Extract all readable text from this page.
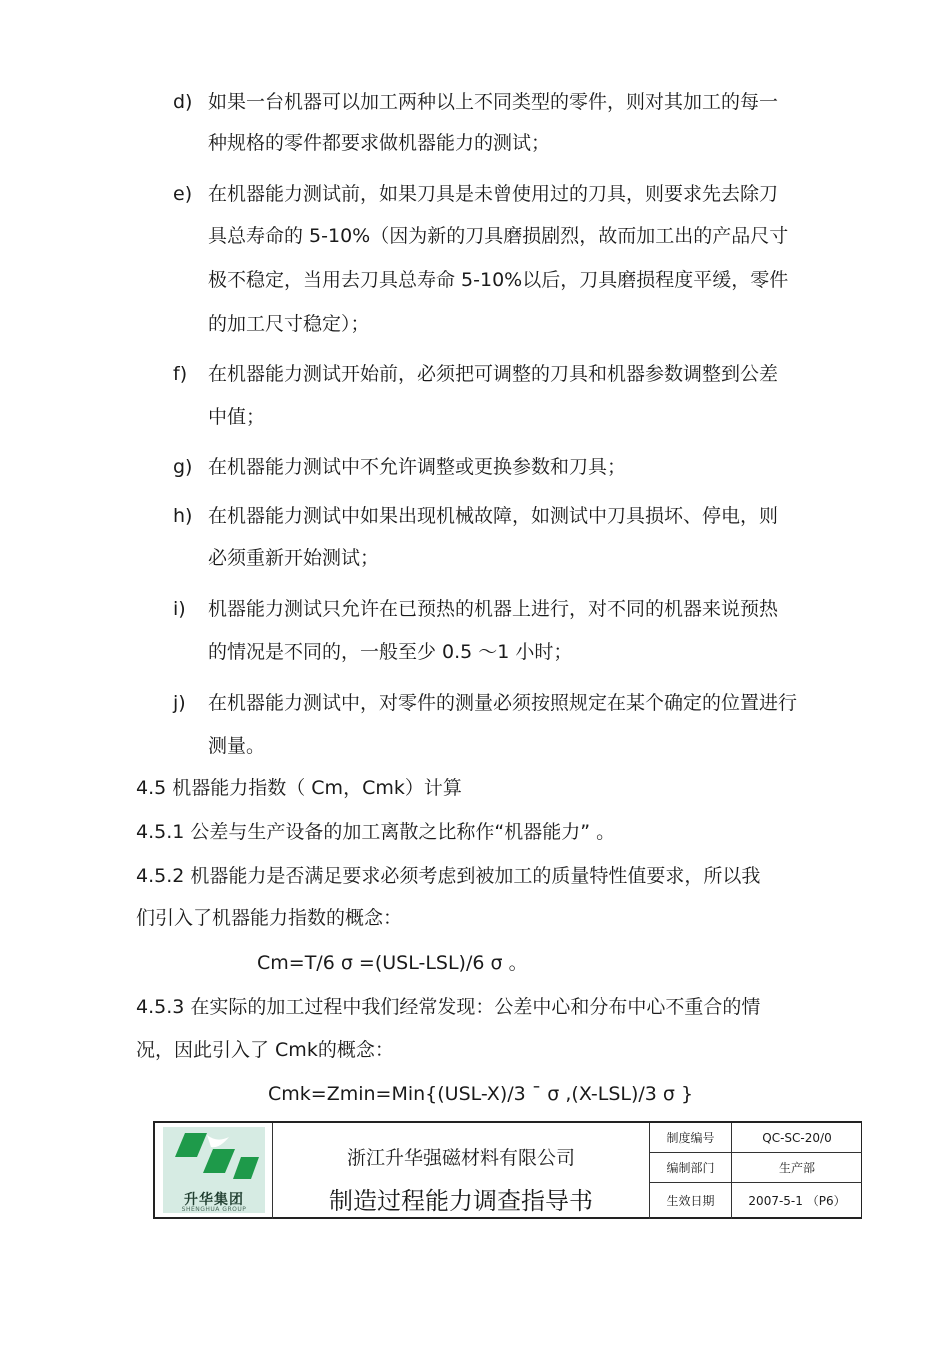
d) 如果一台机器可以加工两种以上不同类型的零件，则对其加工的每一
种规格的零件都要求做机器能力的测试；
e) 在机器能力测试前，如果刀具是未曾使用过的刀具，则要求先去除刀
具总寿命的 5-10%（因为新的刀具磨损剧烈，故而加工出的产品尺寸
极不稳定，当用去刀具总寿命 5-10%以后，刀具磨损程度平缓，零件
的加工尺寸稳定）；
f) 在机器能力测试开始前，必须把可调整的刀具和机器参数调整到公差
中值；
g) 在机器能力测试中不允许调整或更换参数和刀具；
h) 在机器能力测试中如果出现机械故障，如测试中刀具损坏、停电，则
必须重新开始测试；
i) 机器能力测试只允许在已预热的机器上进行，对不同的机器来说预热
的情况是不同的，一般至少 0.5 ～1 小时；
j) 在机器能力测试中，对零件的测量必须按照规定在某个确定的位置进行
测量。
4.5 机器能力指数（ Cm，Cmk）计算
4.5.1 公差与生产设备的加工离散之比称作“机器能力” 。
4.5.2 机器能力是否满足要求必须考虑到被加工的质量特性值要求，所以我
们引入了机器能力指数的概念：
Cm=T/6 σ =(USL-LSL)/6 σ 。
4.5.3 在实际的加工过程中我们经常发现：公差中心和分布中心不重合的情
况，因此引入了 Cmk的概念：
Cmk=Zmin=Min{(USL-X)/3 ¯ σ ,(X-LSL)/3 σ }
升华集团
SHENGHUA GROUP
浙江升华强磁材料有限公司
制造过程能力调查指导书
制度编号	QC-SC-20/0
编制部门	生产部
生效日期	2007-5-1 （P6）
